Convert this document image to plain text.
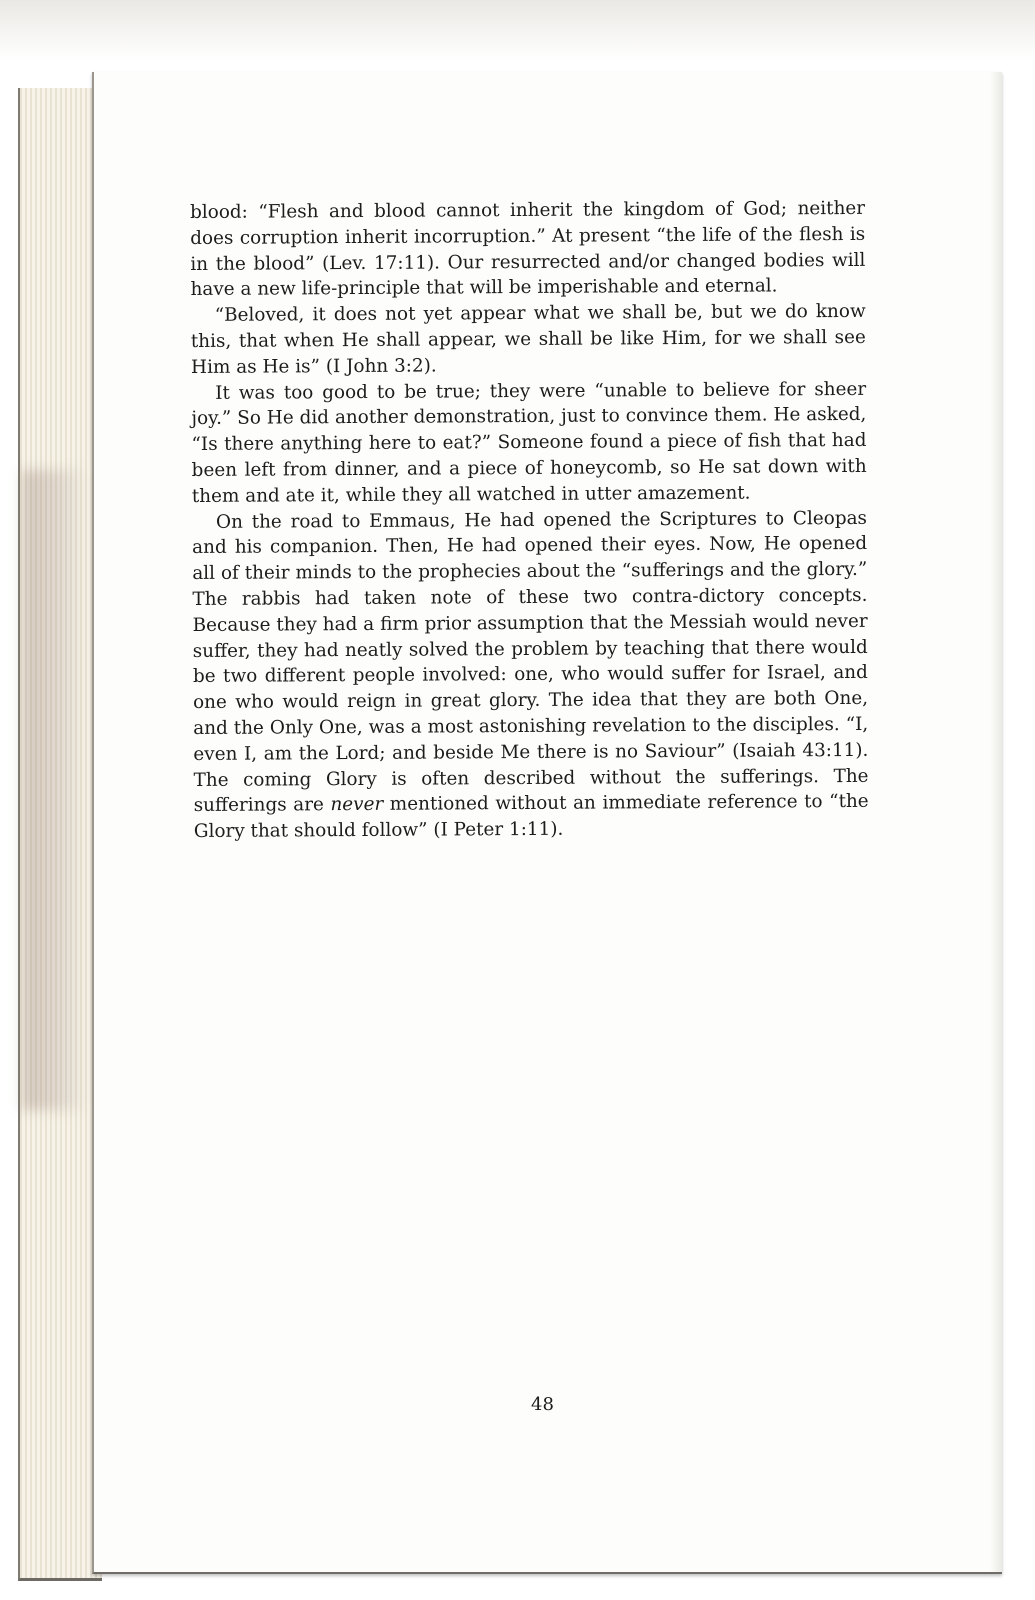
blood: “Flesh and blood cannot inherit the kingdom of God; neither does corruption inherit incorruption.” At present “the life of the flesh is in the blood” (Lev. 17:11). Our resurrected and/or changed bodies will have a new life-principle that will be imperishable and eternal.

“Beloved, it does not yet appear what we shall be, but we do know this, that when He shall appear, we shall be like Him, for we shall see Him as He is” (I John 3:2).

It was too good to be true; they were “unable to believe for sheer joy.” So He did another demonstration, just to convince them. He asked, “Is there anything here to eat?” Someone found a piece of fish that had been left from dinner, and a piece of honeycomb, so He sat down with them and ate it, while they all watched in utter amazement.

On the road to Emmaus, He had opened the Scriptures to Cleopas and his companion. Then, He had opened their eyes. Now, He opened all of their minds to the prophecies about the “sufferings and the glory.” The rabbis had taken note of these two contra-dictory concepts. Because they had a firm prior assumption that the Messiah would never suffer, they had neatly solved the problem by teaching that there would be two different people involved: one, who would suffer for Israel, and one who would reign in great glory. The idea that they are both One, and the Only One, was a most astonishing revelation to the disciples. “I, even I, am the Lord; and beside Me there is no Saviour” (Isaiah 43:11). The coming Glory is often described without the sufferings. The sufferings are never mentioned without an immediate reference to “the Glory that should follow” (I Peter 1:11).

48
